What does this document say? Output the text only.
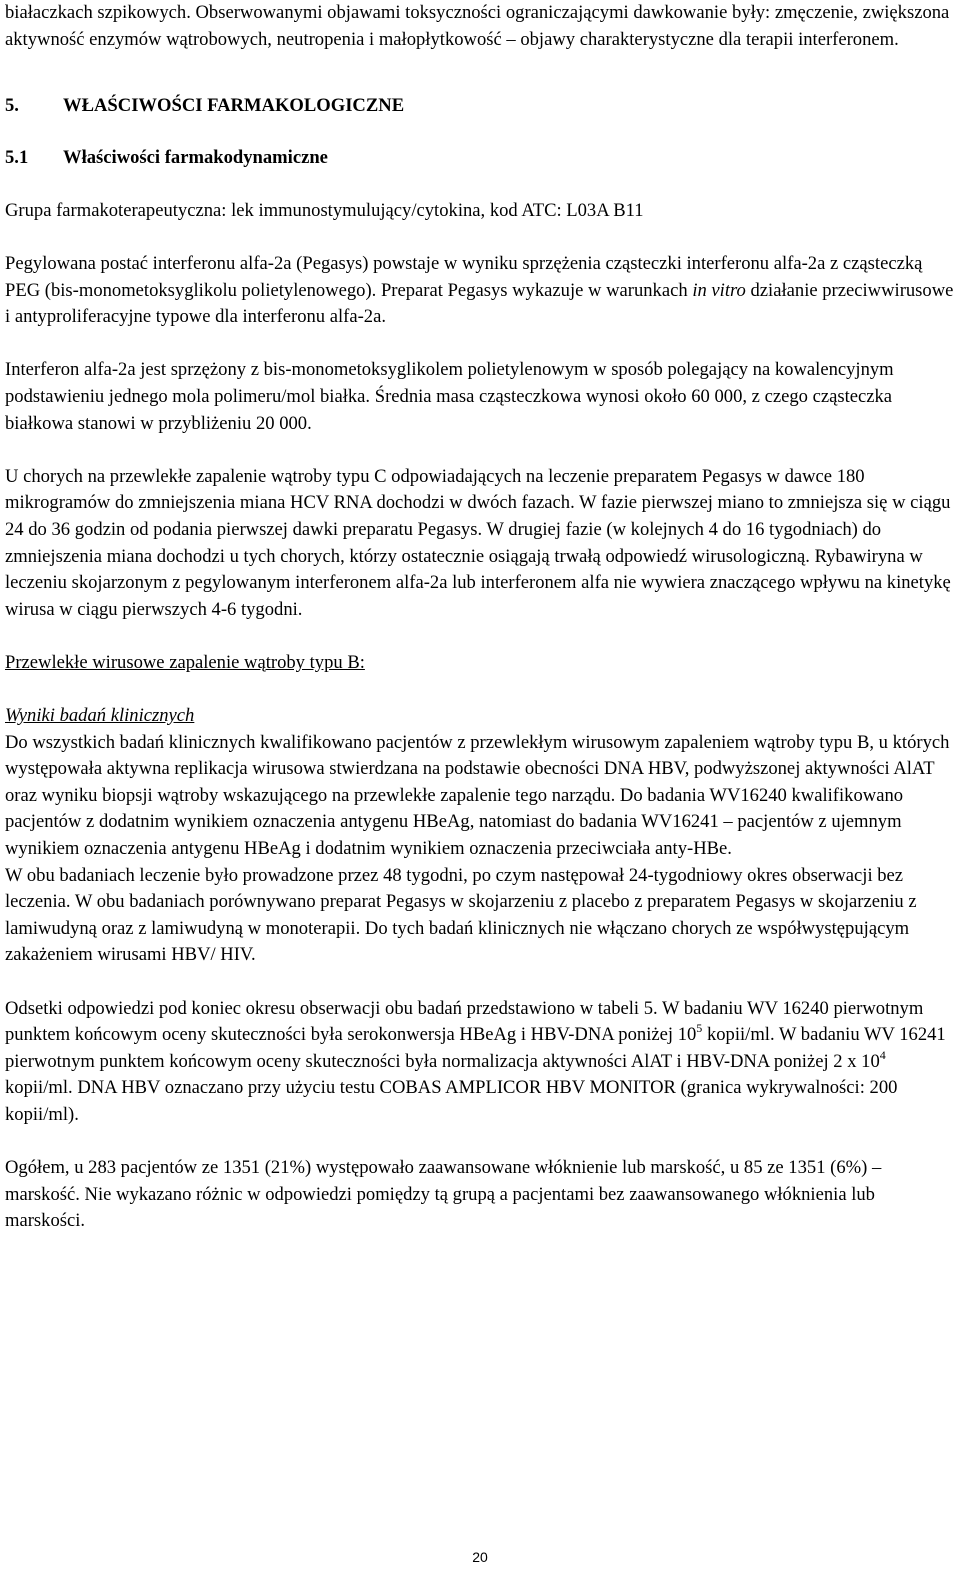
białaczkach szpikowych. Obserwowanymi objawami toksyczności ograniczającymi dawkowanie były: zmęczenie, zwiększona aktywność enzymów wątrobowych, neutropenia i małopłytkowość – objawy charakterystyczne dla terapii interferonem.

5. WŁAŚCIWOŚCI FARMAKOLOGICZNE
5.1 Właściwości farmakodynamiczne

Grupa farmakoterapeutyczna: lek immunostymulujący/cytokina, kod ATC: L03A B11

Pegylowana postać interferonu alfa-2a (Pegasys) powstaje w wyniku sprzężenia cząsteczki interferonu alfa-2a z cząsteczką PEG (bis-monometoksyglikolu polietylenowego). Preparat Pegasys wykazuje w warunkach in vitro działanie przeciwwirusowe i antyproliferacyjne typowe dla interferonu alfa-2a.

Interferon alfa-2a jest sprzężony z bis-monometoksyglikolem polietylenowym w sposób polegający na kowalencyjnym podstawieniu jednego mola polimeru/mol białka. Średnia masa cząsteczkowa wynosi około 60 000, z czego cząsteczka białkowa stanowi w przybliżeniu 20 000.

U chorych na przewlekłe zapalenie wątroby typu C odpowiadających na leczenie preparatem Pegasys w dawce 180 mikrogramów do zmniejszenia miana HCV RNA dochodzi w dwóch fazach. W fazie pierwszej miano to zmniejsza się w ciągu 24 do 36 godzin od podania pierwszej dawki preparatu Pegasys. W drugiej fazie (w kolejnych 4 do 16 tygodniach) do zmniejszenia miana dochodzi u tych chorych, którzy ostatecznie osiągają trwałą odpowiedź wirusologiczną. Rybawiryna w leczeniu skojarzonym z pegylowanym interferonem alfa-2a lub interferonem alfa nie wywiera znaczącego wpływu na kinetykę wirusa w ciągu pierwszych 4-6 tygodni.

Przewlekłe wirusowe zapalenie wątroby typu B:

Wyniki badań klinicznych

Do wszystkich badań klinicznych kwalifikowano pacjentów z przewlekłym wirusowym zapaleniem wątroby typu B, u których występowała aktywna replikacja wirusowa stwierdzana na podstawie obecności DNA HBV, podwyższonej aktywności AlAT oraz wyniku biopsji wątroby wskazującego na przewlekłe zapalenie tego narządu. Do badania WV16240 kwalifikowano pacjentów z dodatnim wynikiem oznaczenia antygenu HBeAg, natomiast do badania WV16241 – pacjentów z ujemnym wynikiem oznaczenia antygenu HBeAg i dodatnim wynikiem oznaczenia przeciwciała anty-HBe.

W obu badaniach leczenie było prowadzone przez 48 tygodni, po czym następował 24-tygodniowy okres obserwacji bez leczenia. W obu badaniach porównywano preparat Pegasys w skojarzeniu z placebo z preparatem Pegasys w skojarzeniu z lamiwudyną oraz z lamiwudyną w monoterapii. Do tych badań klinicznych nie włączano chorych ze współwystępującym zakażeniem wirusami HBV/ HIV.

Odsetki odpowiedzi pod koniec okresu obserwacji obu badań przedstawiono w tabeli 5. W badaniu WV 16240 pierwotnym punktem końcowym oceny skuteczności była serokonwersja HBeAg i HBV-DNA poniżej $10^5$ kopii/ml. W badaniu WV 16241 pierwotnym punktem końcowym oceny skuteczności była normalizacja aktywności AlAT i HBV-DNA poniżej 2 x $10^4$ kopii/ml. DNA HBV oznaczano przy użyciu testu COBAS AMPLICOR HBV MONITOR (granica wykrywalności: 200 kopii/ml).

Ogółem, u 283 pacjentów ze 1351 (21%) występowało zaawansowane włóknienie lub marskość, u 85 ze 1351 (6%) – marskość. Nie wykazano różnic w odpowiedzi pomiędzy tą grupą a pacjentami bez zaawansowanego włóknienia lub marskości.

20
